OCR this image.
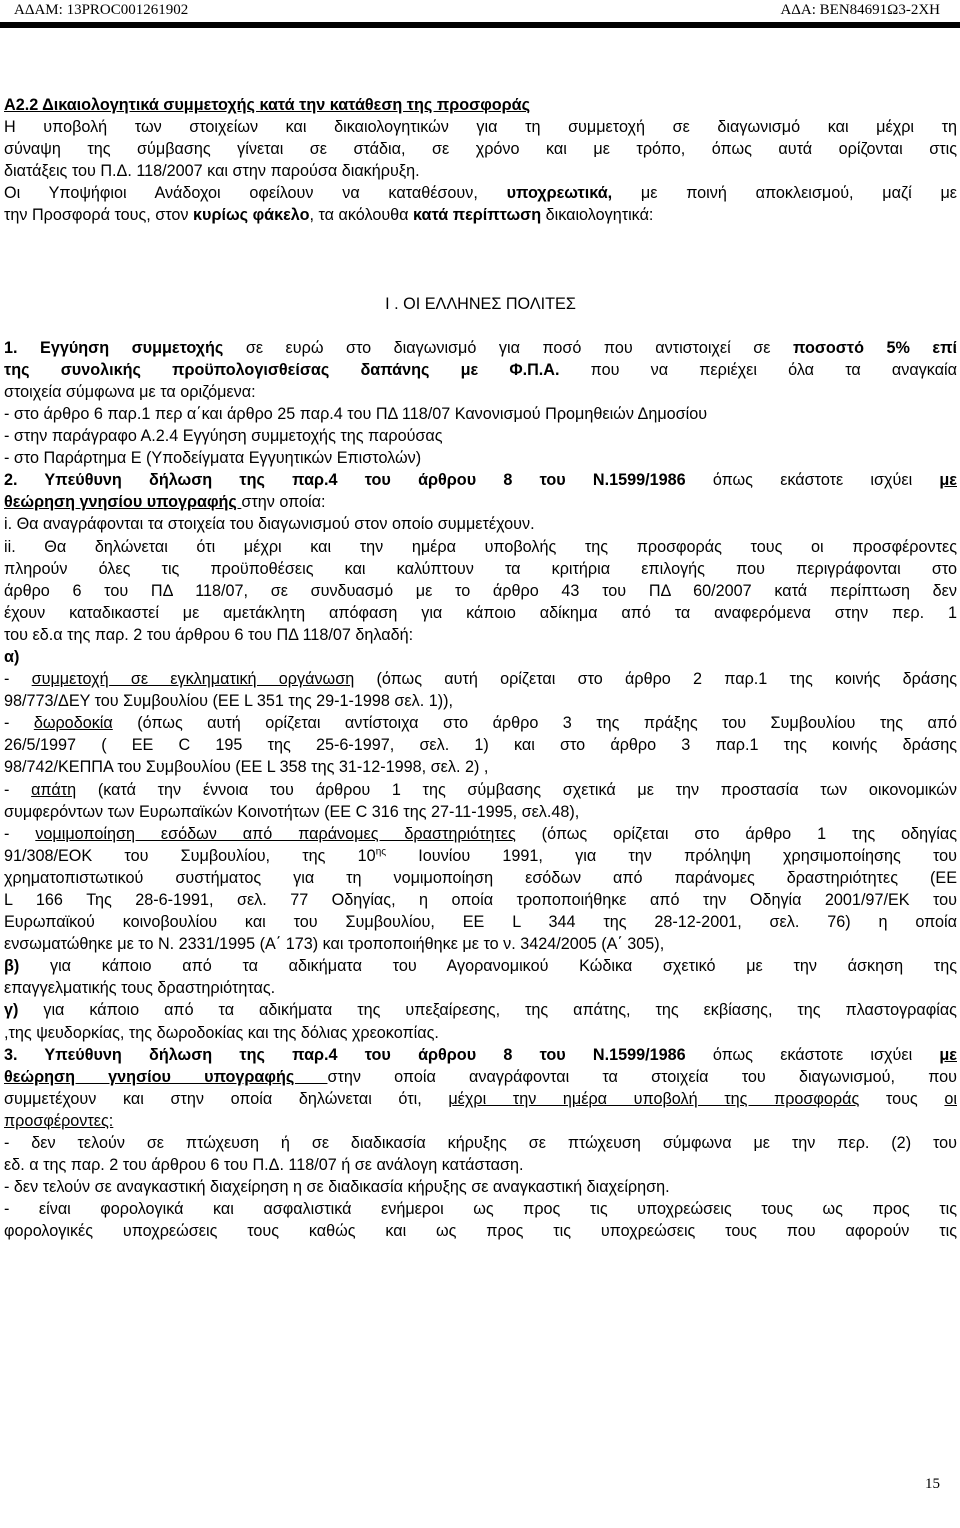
ΑΔΑΜ: 13PROC001261902	ΑΔΑ: ΒΕΝ84691Ω3-2ΧΗ

Α2.2 Δικαιολογητικά συμμετοχής κατά την κατάθεση της προσφοράς

Η υποβολή των στοιχείων και δικαιολογητικών για τη συμμετοχή σε διαγωνισμό και μέχρι τη

σύναψη της σύμβασης γίνεται σε στάδια, σε χρόνο και με τρόπο, όπως αυτά ορίζονται στις

διατάξεις του Π.Δ. 118/2007 και στην παρούσα διακήρυξη.

Οι Υποψήφιοι Ανάδοχοι οφείλουν να καταθέσουν, υποχρεωτικά, με ποινή αποκλεισμού, μαζί με

την Προσφορά τους, στον κυρίως φάκελο, τα ακόλουθα κατά περίπτωση δικαιολογητικά:

Ι . ΟΙ ΕΛΛΗΝΕΣ ΠΟΛΙΤΕΣ

1. Εγγύηση συμμετοχής σε ευρώ στο διαγωνισμό για ποσό που αντιστοιχεί σε ποσοστό 5% επί

της συνολικής προϋπολογισθείσας δαπάνης με Φ.Π.Α. που να περιέχει όλα τα αναγκαία

στοιχεία σύμφωνα με τα οριζόμενα:

- στο άρθρο 6 παρ.1 περ α΄και άρθρο 25 παρ.4 του ΠΔ 118/07 Κανονισμού Προμηθειών Δημοσίου

- στην παράγραφο Α.2.4 Εγγύηση συμμετοχής της παρούσας

- στο Παράρτημα Ε (Υποδείγματα Εγγυητικών Επιστολών)

2. Υπεύθυνη δήλωση της παρ.4 του άρθρου 8 του Ν.1599/1986 όπως εκάστοτε ισχύει με

θεώρηση γνησίου υπογραφής στην οποία:

i. Θα αναγράφονται τα στοιχεία του διαγωνισμού στον οποίο συμμετέχουν.

ii. Θα δηλώνεται ότι μέχρι και την ημέρα υποβολής της προσφοράς τους οι προσφέροντες

πληρούν όλες τις προϋποθέσεις και καλύπτουν τα κριτήρια επιλογής που περιγράφονται στο

άρθρο 6 του ΠΔ 118/07, σε συνδυασμό με το άρθρο 43 του ΠΔ 60/2007 κατά περίπτωση δεν

έχουν καταδικαστεί με αμετάκλητη απόφαση για κάποιο αδίκημα από τα αναφερόμενα στην περ. 1

του εδ.α της παρ. 2 του άρθρου 6 του ΠΔ 118/07 δηλαδή:

α)

- συμμετοχή σε εγκληματική οργάνωση (όπως αυτή ορίζεται στο άρθρο 2 παρ.1 της κοινής δράσης

98/773/ΔΕΥ του Συμβουλίου (ΕΕ L 351 της 29-1-1998 σελ. 1)),

- δωροδοκία (όπως αυτή ορίζεται αντίστοιχα στο άρθρο 3 της πράξης του Συμβουλίου της από

26/5/1997 ( ΕΕ C 195 της 25-6-1997, σελ. 1) και στο άρθρο 3 παρ.1 της κοινής δράσης

98/742/ΚΕΠΠΑ του Συμβουλίου (ΕΕ L 358 της 31-12-1998, σελ. 2) ,

- απάτη (κατά την έννοια του άρθρου 1 της σύμβασης σχετικά με την προστασία των οικονομικών

συμφερόντων των Ευρωπαϊκών Κοινοτήτων (ΕΕ C 316 της 27-11-1995, σελ.48),

- νομιμοποίηση εσόδων από παράνομες δραστηριότητες (όπως ορίζεται στο άρθρο 1 της οδηγίας

91/308/ΕΟΚ του Συμβουλίου, της $10^{\eta\varsigma}$ Ιουνίου 1991, για την πρόληψη χρησιμοποίησης του

χρηματοπιστωτικού συστήματος για τη νομιμοποίηση εσόδων από παράνομες δραστηριότητες (ΕΕ

L 166 Της 28-6-1991, σελ. 77 Οδηγίας, η οποία τροποποιήθηκε από την Οδηγία 2001/97/ΕΚ του

Ευρωπαϊκού κοινοβουλίου και του Συμβουλίου, ΕΕ L 344 της 28-12-2001, σελ. 76) η οποία

ενσωματώθηκε με το Ν. 2331/1995 (Α΄ 173) και τροποποιήθηκε με το ν. 3424/2005 (Α΄ 305),

β) για κάποιο από τα αδικήματα του Αγορανομικού Κώδικα σχετικό με την άσκηση της

επαγγελματικής τους δραστηριότητας.

γ) για κάποιο από τα αδικήματα της υπεξαίρεσης, της απάτης, της εκβίασης, της πλαστογραφίας

,της ψευδορκίας, της δωροδοκίας και της δόλιας χρεοκοπίας.

3. Υπεύθυνη δήλωση της παρ.4 του άρθρου 8 του Ν.1599/1986 όπως εκάστοτε ισχύει με

θεώρηση γνησίου υπογραφής στην οποία αναγράφονται τα στοιχεία του διαγωνισμού, που

συμμετέχουν και στην οποία δηλώνεται ότι, μέχρι την ημέρα υποβολή της προσφοράς τους οι

προσφέροντες:

- δεν τελούν σε πτώχευση ή σε διαδικασία κήρυξης σε πτώχευση σύμφωνα με την περ. (2) του

εδ. α της παρ. 2 του άρθρου 6 του Π.Δ. 118/07 ή σε ανάλογη κατάσταση.

- δεν τελούν σε αναγκαστική διαχείρηση η σε διαδικασία κήρυξης σε αναγκαστική διαχείρηση.

- είναι φορολογικά και ασφαλιστικά ενήμεροι ως προς τις υποχρεώσεις τους ως προς τις

φορολογικές υποχρεώσεις τους καθώς και ως προς τις υποχρεώσεις τους που αφορούν τις

15
